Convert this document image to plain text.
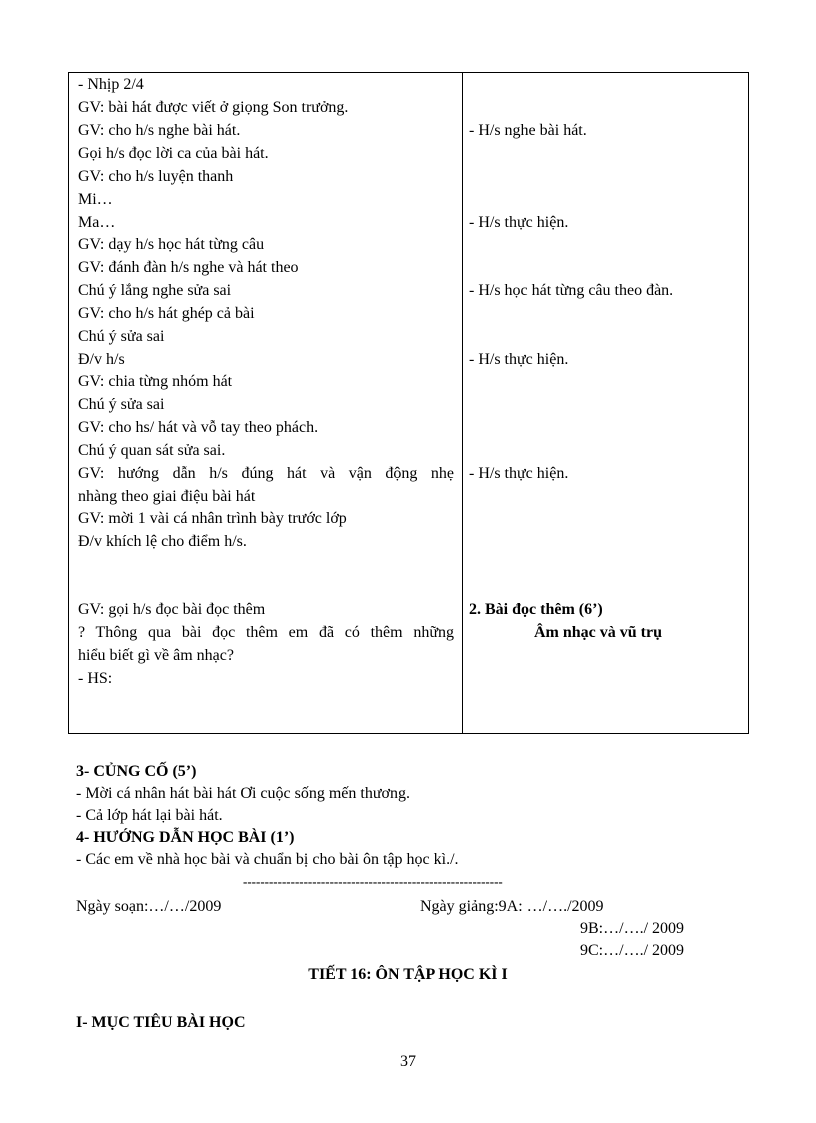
- Nhịp 2/4
GV: bài hát được viết ở giọng Son trưởng.
GV: cho h/s nghe bài hát.
Gọi h/s đọc lời ca của bài hát.
GV: cho h/s luyện thanh
Mi…
Ma…
GV: dạy h/s học hát từng câu
GV: đánh đàn h/s nghe và hát theo
Chú ý lắng nghe sửa sai
GV: cho h/s hát ghép cả bài
Chú ý sửa sai
Đ/v h/s
GV: chia từng nhóm hát
Chú ý sửa sai
GV: cho hs/ hát và vỗ tay theo phách.
Chú ý quan sát sửa sai.
GV: hướng dẫn h/s đúng hát và vận động nhẹ
nhàng theo giai điệu bài hát
GV: mời 1 vài cá nhân trình bày trước lớp
Đ/v khích lệ cho điểm h/s.
GV: gọi h/s đọc bài đọc thêm
? Thông qua bài đọc thêm em đã có thêm những
hiểu biết gì về âm nhạc?
- HS:
- H/s nghe bài hát.
- H/s thực hiện.
- H/s học hát từng câu theo đàn.
- H/s thực hiện.
- H/s thực hiện.
2. Bài đọc thêm (6’)
Âm nhạc và vũ trụ
3- CỦNG CỐ (5’)
- Mời cá nhân hát bài hát Ơi cuộc sống mến thương.
- Cả lớp hát lại bài hát.
4- HƯỚNG DẪN HỌC BÀI (1’)
- Các em về nhà học bài và chuẩn bị cho bài ôn tập học kì./.
------------------------------------------------------------
Ngày soạn:…/…/2009	Ngày giảng:9A: …/…./2009
9B:…/…./ 2009
9C:…/…./ 2009
TIẾT 16: ÔN TẬP HỌC KÌ I
I- MỤC TIÊU BÀI HỌC
37
